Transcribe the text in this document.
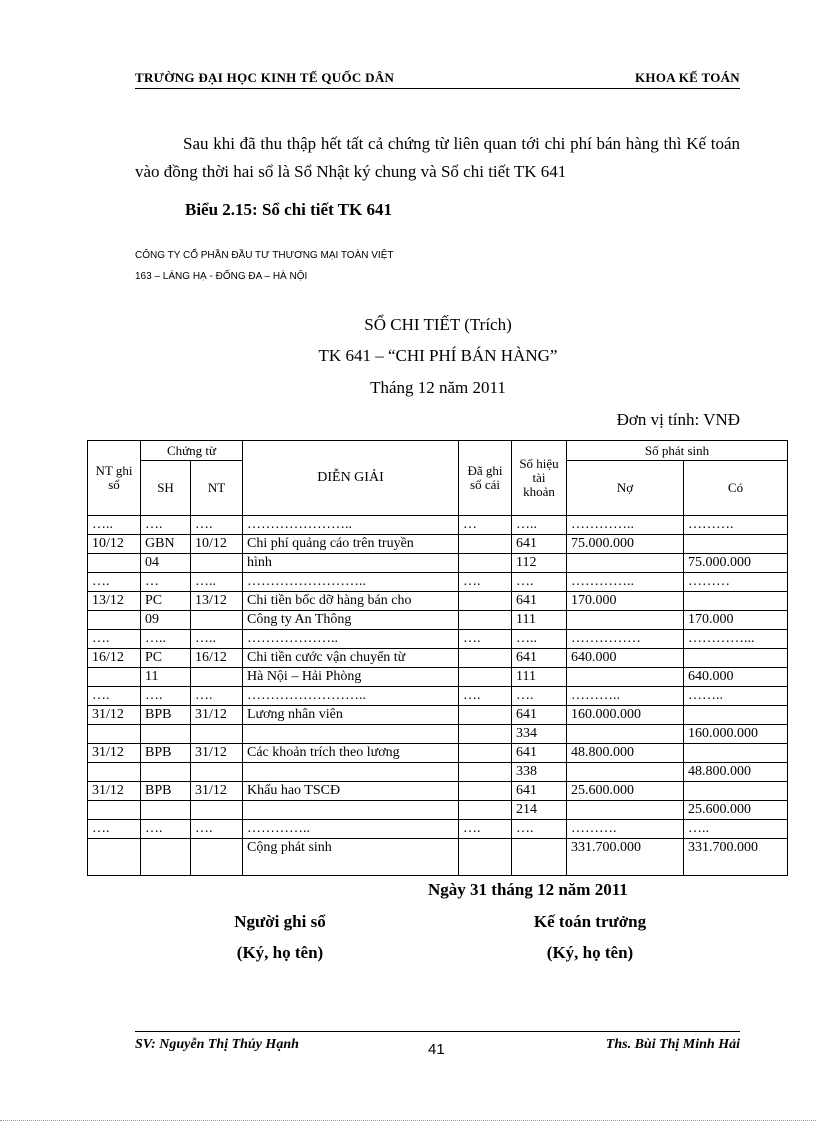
TRƯỜNG ĐẠI HỌC KINH TẾ QUỐC DÂN	KHOA KẾ TOÁN
Sau khi đã thu thập hết tất cả chứng từ liên quan tới chi phí bán hàng thì Kế toán vào đồng thời hai sổ là Sổ Nhật ký chung và Sổ chi tiết TK 641
Biểu 2.15: Sổ chi tiết TK 641
CÔNG TY CỔ PHẦN ĐẦU TƯ THƯƠNG MẠI TOÀN VIỆT
163 – LÁNG HẠ - ĐỐNG ĐA – HÀ NỘI
SỔ CHI TIẾT (Trích)
TK 641 – “CHI PHÍ BÁN HÀNG”
Tháng 12 năm 2011
Đơn vị tính: VNĐ
NT ghi sổ	Chứng từ		DIỄN GIẢI	Đã ghi sổ cái	Số hiệu tài khoản	Số phát sinh	
	SH	NT				Nợ	Có
…..	….	….	…………………..	…	…..	…………..	……….
10/12	GBN	10/12	Chi phí quảng cáo trên truyền		641	75.000.000	
	04		hình		112		75.000.000
….	…	…..	……………………..	….	….	…………..	………
13/12	PC	13/12	Chi tiền bốc dỡ hàng bán cho		641	170.000	
	09		Công ty An Thông		111		170.000
….	…..	…..	………………..	….	…..	……………	…………...
16/12	PC	16/12	Chi tiền cước vận chuyển từ		641	640.000	
	11		Hà Nội – Hải Phòng		111		640.000
….	….	….	……………………..	….	….	………..	……..
31/12	BPB	31/12	Lương nhân viên		641	160.000.000	
					334		160.000.000
31/12	BPB	31/12	Các khoản trích theo lương		641	48.800.000	
					338		48.800.000
31/12	BPB	31/12	Khấu hao TSCĐ		641	25.600.000	
					214		25.600.000
….	….	….	…………..	….	….	……….	…..
			Cộng phát sinh			331.700.000	331.700.000
Ngày 31 tháng 12 năm 2011
Người ghi sổ
(Ký, họ tên)
Kế toán trưởng
(Ký, họ tên)
SV: Nguyễn Thị Thúy Hạnh	41	Ths. Bùi Thị Minh Hải
